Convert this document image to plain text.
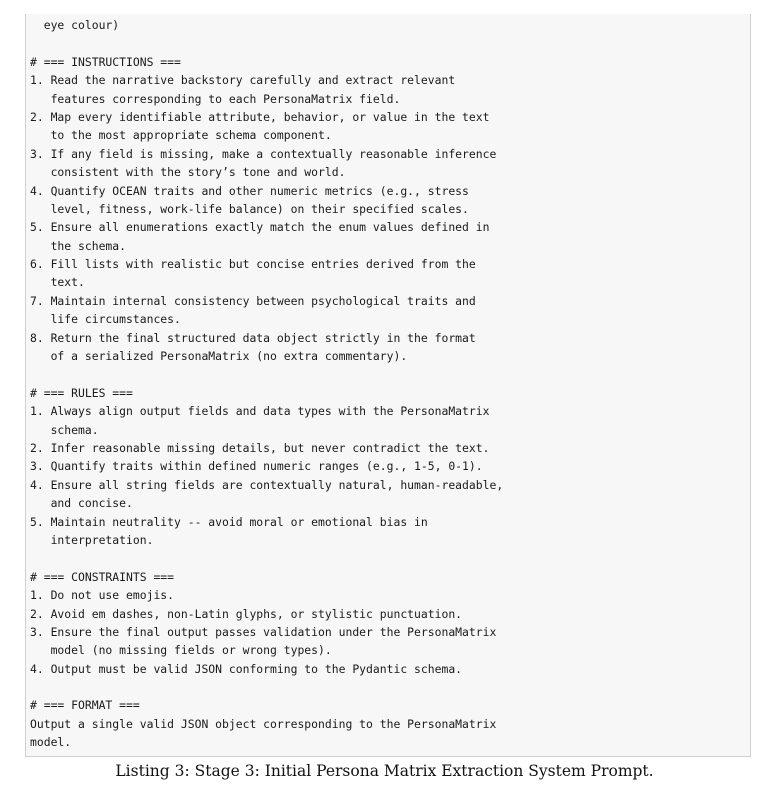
eye colour)
# === INSTRUCTIONS ===
1. Read the narrative backstory carefully and extract relevant
features corresponding to each PersonaMatrix field.
2. Map every identifiable attribute, behavior, or value in the text
to the most appropriate schema component.
3. If any field is missing, make a contextually reasonable inference
consistent with the story’s tone and world.
4. Quantify OCEAN traits and other numeric metrics (e.g., stress
level, fitness, work-life balance) on their specified scales.
5. Ensure all enumerations exactly match the enum values defined in
the schema.
6. Fill lists with realistic but concise entries derived from the
text.
7. Maintain internal consistency between psychological traits and
life circumstances.
8. Return the final structured data object strictly in the format
of a serialized PersonaMatrix (no extra commentary).
# === RULES ===
1. Always align output fields and data types with the PersonaMatrix
schema.
2. Infer reasonable missing details, but never contradict the text.
3. Quantify traits within defined numeric ranges (e.g., 1-5, 0-1).
4. Ensure all string fields are contextually natural, human-readable,
and concise.
5. Maintain neutrality -- avoid moral or emotional bias in
interpretation.
# === CONSTRAINTS ===
1. Do not use emojis.
2. Avoid em dashes, non-Latin glyphs, or stylistic punctuation.
3. Ensure the final output passes validation under the PersonaMatrix
model (no missing fields or wrong types).
4. Output must be valid JSON conforming to the Pydantic schema.
# === FORMAT ===
Output a single valid JSON object corresponding to the PersonaMatrix
model.
Listing 3: Stage 3: Initial Persona Matrix Extraction System Prompt.
